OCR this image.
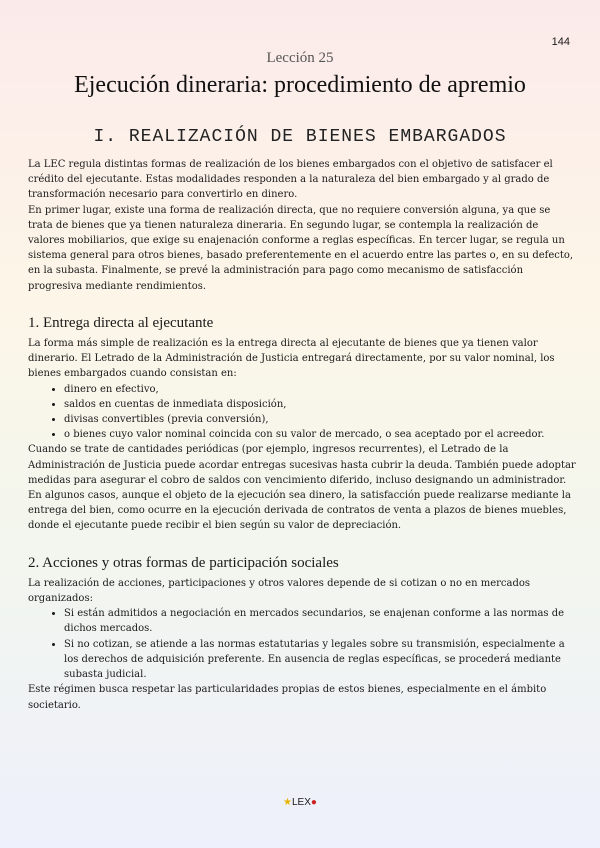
144
Lección 25
Ejecución dineraria: procedimiento de apremio
I. REALIZACIÓN DE BIENES EMBARGADOS

La LEC regula distintas formas de realización de los bienes embargados con el objetivo de satisfacer el crédito del ejecutante. Estas modalidades responden a la naturaleza del bien embargado y al grado de transformación necesario para convertirlo en dinero.

En primer lugar, existe una forma de realización directa, que no requiere conversión alguna, ya que se trata de bienes que ya tienen naturaleza dineraria. En segundo lugar, se contempla la realización de valores mobiliarios, que exige su enajenación conforme a reglas específicas. En tercer lugar, se regula un sistema general para otros bienes, basado preferentemente en el acuerdo entre las partes o, en su defecto, en la subasta. Finalmente, se prevé la administración para pago como mecanismo de satisfacción progresiva mediante rendimientos.

1. Entrega directa al ejecutante

La forma más simple de realización es la entrega directa al ejecutante de bienes que ya tienen valor dinerario. El Letrado de la Administración de Justicia entregará directamente, por su valor nominal, los bienes embargados cuando consistan en:

• dinero en efectivo,
• saldos en cuentas de inmediata disposición,
• divisas convertibles (previa conversión),
• o bienes cuyo valor nominal coincida con su valor de mercado, o sea aceptado por el acreedor.

Cuando se trate de cantidades periódicas (por ejemplo, ingresos recurrentes), el Letrado de la Administración de Justicia puede acordar entregas sucesivas hasta cubrir la deuda. También puede adoptar medidas para asegurar el cobro de saldos con vencimiento diferido, incluso designando un administrador.

En algunos casos, aunque el objeto de la ejecución sea dinero, la satisfacción puede realizarse mediante la entrega del bien, como ocurre en la ejecución derivada de contratos de venta a plazos de bienes muebles, donde el ejecutante puede recibir el bien según su valor de depreciación.

2. Acciones y otras formas de participación sociales

La realización de acciones, participaciones y otros valores depende de si cotizan o no en mercados organizados:

• Si están admitidos a negociación en mercados secundarios, se enajenan conforme a las normas de dichos mercados.
• Si no cotizan, se atiende a las normas estatutarias y legales sobre su transmisión, especialmente a los derechos de adquisición preferente. En ausencia de reglas específicas, se procederá mediante subasta judicial.

Este régimen busca respetar las particularidades propias de estos bienes, especialmente en el ámbito societario.

★LEX●
